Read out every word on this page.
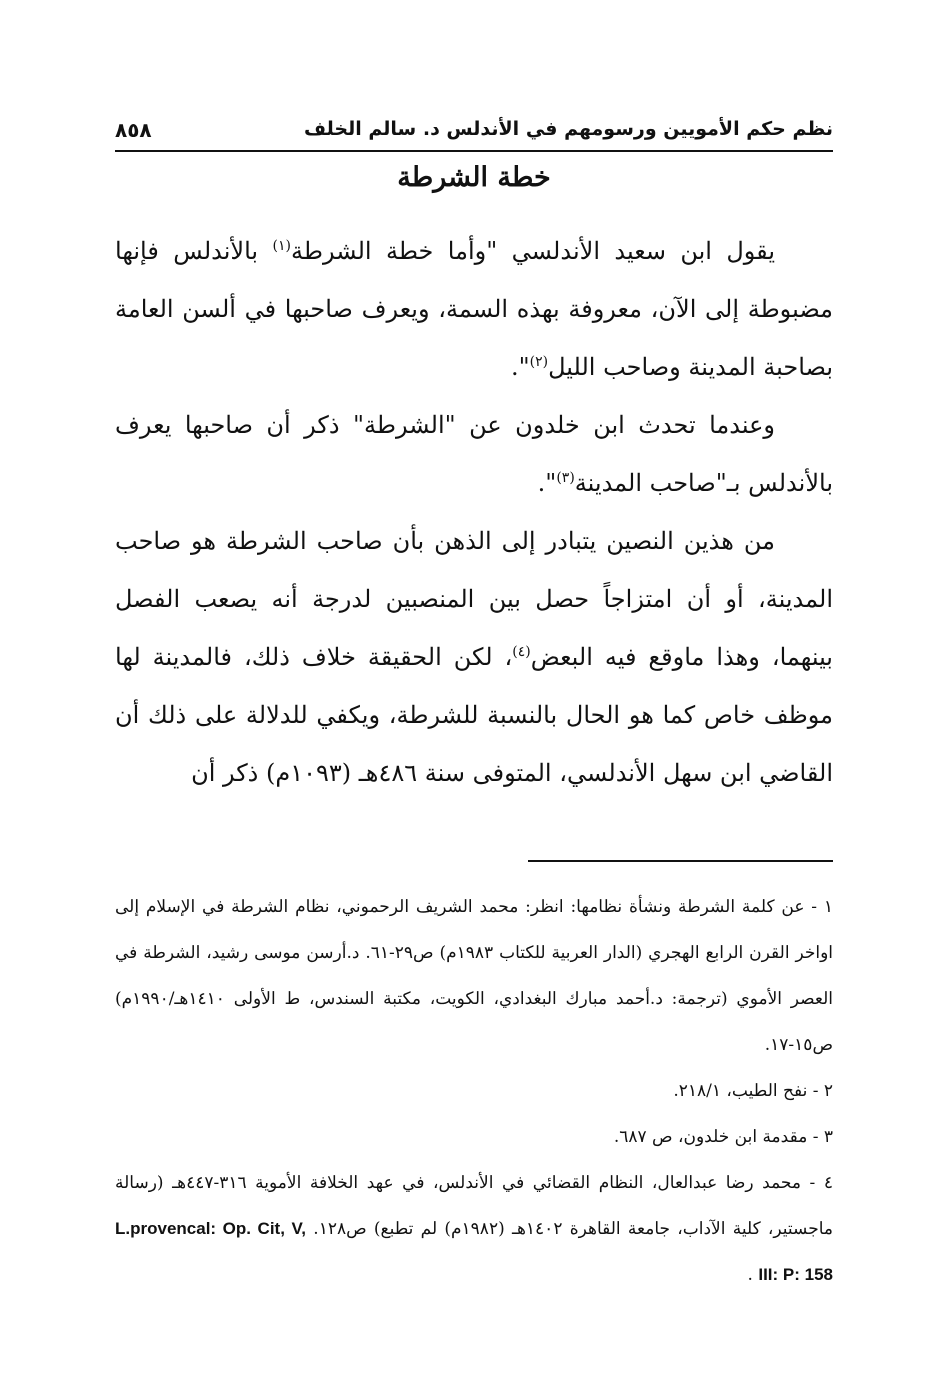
٨٥٨	نظم حكم الأمويين ورسومهم في الأندلس د. سالم الخلف
خطة الشرطة

يقول ابن سعيد الأندلسي "وأما خطة الشرطة$^{(١)}$ بالأندلس فإنها مضبوطة إلى الآن، معروفة بهذه السمة، ويعرف صاحبها في ألسن العامة بصاحبة المدينة وصاحب الليل$^{(٢)}$".

وعندما تحدث ابن خلدون عن "الشرطة" ذكر أن صاحبها يعرف بالأندلس بـ"صاحب المدينة$^{(٣)}$".

من هذين النصين يتبادر إلى الذهن بأن صاحب الشرطة هو صاحب المدينة، أو أن امتزاجاً حصل بين المنصبين لدرجة أنه يصعب الفصل بينهما، وهذا ماوقع فيه البعض$^{(٤)}$، لكن الحقيقة خلاف ذلك، فالمدينة لها موظف خاص كما هو الحال بالنسبة للشرطة، ويكفي للدلالة على ذلك أن القاضي ابن سهل الأندلسي، المتوفى سنة ٤٨٦هـ (١٠٩٣م) ذكر أن

١ - عن كلمة الشرطة ونشأة نظامها: انظر: محمد الشريف الرحموني، نظام الشرطة في الإسلام إلى اواخر القرن الرابع الهجري (الدار العربية للكتاب ١٩٨٣م) ص٢٩-٦١. د.أرسن موسى رشيد، الشرطة في العصر الأموي (ترجمة: د.أحمد مبارك البغدادي، الكويت، مكتبة السندس، ط الأولى ١٤١٠هـ/١٩٩٠م) ص١٥-١٧.

٢ - نفح الطيب، ٢١٨/١.

٣ - مقدمة ابن خلدون، ص ٦٨٧.

٤ - محمد رضا عبدالعال، النظام القضائي في الأندلس، في عهد الخلافة الأموية ٣١٦-٤٤٧هـ (رسالة ماجستير، كلية الآداب، جامعة القاهرة ١٤٠٢هـ (١٩٨٢م) لم تطبع) ص١٢٨. L.provencal: Op. Cit, V, III: P: 158 .
